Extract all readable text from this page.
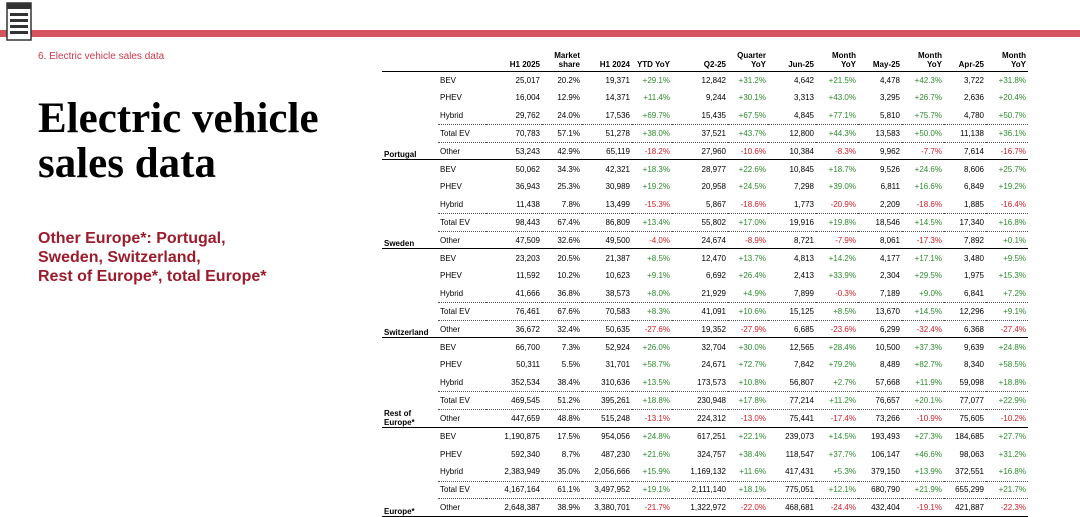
6. Electric vehicle sales data
Electric vehicle
sales data
Other Europe*: Portugal,
Sweden, Switzerland,
Rest of Europe*, total Europe*
		H1 2025	Market share	H1 2024	YTD YoY	Q2-25	Quarter YoY	Jun-25	Month YoY	May-25	Month YoY	Apr-25	Month YoY
	BEV	25,017	20.2%	19,371	+29.1%	12,842	+31.2%	4,642	+21.5%	4,478	+42.3%	3,722	+31.8%
	PHEV	16,004	12.9%	14,371	+11.4%	9,244	+30.1%	3,313	+43.0%	3,295	+26.7%	2,636	+20.4%
	Hybrid	29,762	24.0%	17,536	+69.7%	15,435	+67.5%	4,845	+77.1%	5,810	+75.7%	4,780	+50.7%
	Total EV	70,783	57.1%	51,278	+38.0%	37,521	+43.7%	12,800	+44.3%	13,583	+50.0%	11,138	+36.1%
Portugal	Other	53,243	42.9%	65,119	-18.2%	27,960	-10.6%	10,384	-8.3%	9,962	-7.7%	7,614	-16.7%
	BEV	50,062	34.3%	42,321	+18.3%	28,977	+22.6%	10,845	+18.7%	9,526	+24.6%	8,606	+25.7%
	PHEV	36,943	25.3%	30,989	+19.2%	20,958	+24.5%	7,298	+39.0%	6,811	+16.6%	6,849	+19.2%
	Hybrid	11,438	7.8%	13,499	-15.3%	5,867	-18.6%	1,773	-20.9%	2,209	-18.6%	1,885	-16.4%
	Total EV	98,443	67.4%	86,809	+13.4%	55,802	+17.0%	19,916	+19.8%	18,546	+14.5%	17,340	+16.8%
Sweden	Other	47,509	32.6%	49,500	-4.0%	24,674	-8.9%	8,721	-7.9%	8,061	-17.3%	7,892	+0.1%
	BEV	23,203	20.5%	21,387	+8.5%	12,470	+13.7%	4,813	+14.2%	4,177	+17.1%	3,480	+9.5%
	PHEV	11,592	10.2%	10,623	+9.1%	6,692	+26.4%	2,413	+33.9%	2,304	+29.5%	1,975	+15.3%
	Hybrid	41,666	36.8%	38,573	+8.0%	21,929	+4.9%	7,899	-0.3%	7,189	+9.0%	6,841	+7.2%
	Total EV	76,461	67.6%	70,583	+8.3%	41,091	+10.6%	15,125	+8.5%	13,670	+14.5%	12,296	+9.1%
Switzerland	Other	36,672	32.4%	50,635	-27.6%	19,352	-27.9%	6,685	-23.6%	6,299	-32.4%	6,368	-27.4%
	BEV	66,700	7.3%	52,924	+26.0%	32,704	+30.0%	12,565	+28.4%	10,500	+37.3%	9,639	+24.8%
	PHEV	50,311	5.5%	31,701	+58.7%	24,671	+72.7%	7,842	+79.2%	8,489	+82.7%	8,340	+58.5%
	Hybrid	352,534	38.4%	310,636	+13.5%	173,573	+10.8%	56,807	+2.7%	57,668	+11.9%	59,098	+18.8%
	Total EV	469,545	51.2%	395,261	+18.8%	230,948	+17.8%	77,214	+11.2%	76,657	+20.1%	77,077	+22.9%
Rest of
Europe*	Other	447,659	48.8%	515,248	-13.1%	224,312	-13.0%	75,441	-17.4%	73,266	-10.9%	75,605	-10.2%
	BEV	1,190,875	17.5%	954,056	+24.8%	617,251	+22.1%	239,073	+14.5%	193,493	+27.3%	184,685	+27.7%
	PHEV	592,340	8.7%	487,230	+21.6%	324,757	+38.4%	118,547	+37.7%	106,147	+46.6%	98,063	+31.2%
	Hybrid	2,383,949	35.0%	2,056,666	+15.9%	1,169,132	+11.6%	417,431	+5.3%	379,150	+13.9%	372,551	+16.8%
	Total EV	4,167,164	61.1%	3,497,952	+19.1%	2,111,140	+18.1%	775,051	+12.1%	680,790	+21.9%	655,299	+21.7%
Europe*	Other	2,648,387	38.9%	3,380,701	-21.7%	1,322,972	-22.0%	468,681	-24.4%	432,404	-19.1%	421,887	-22.3%
